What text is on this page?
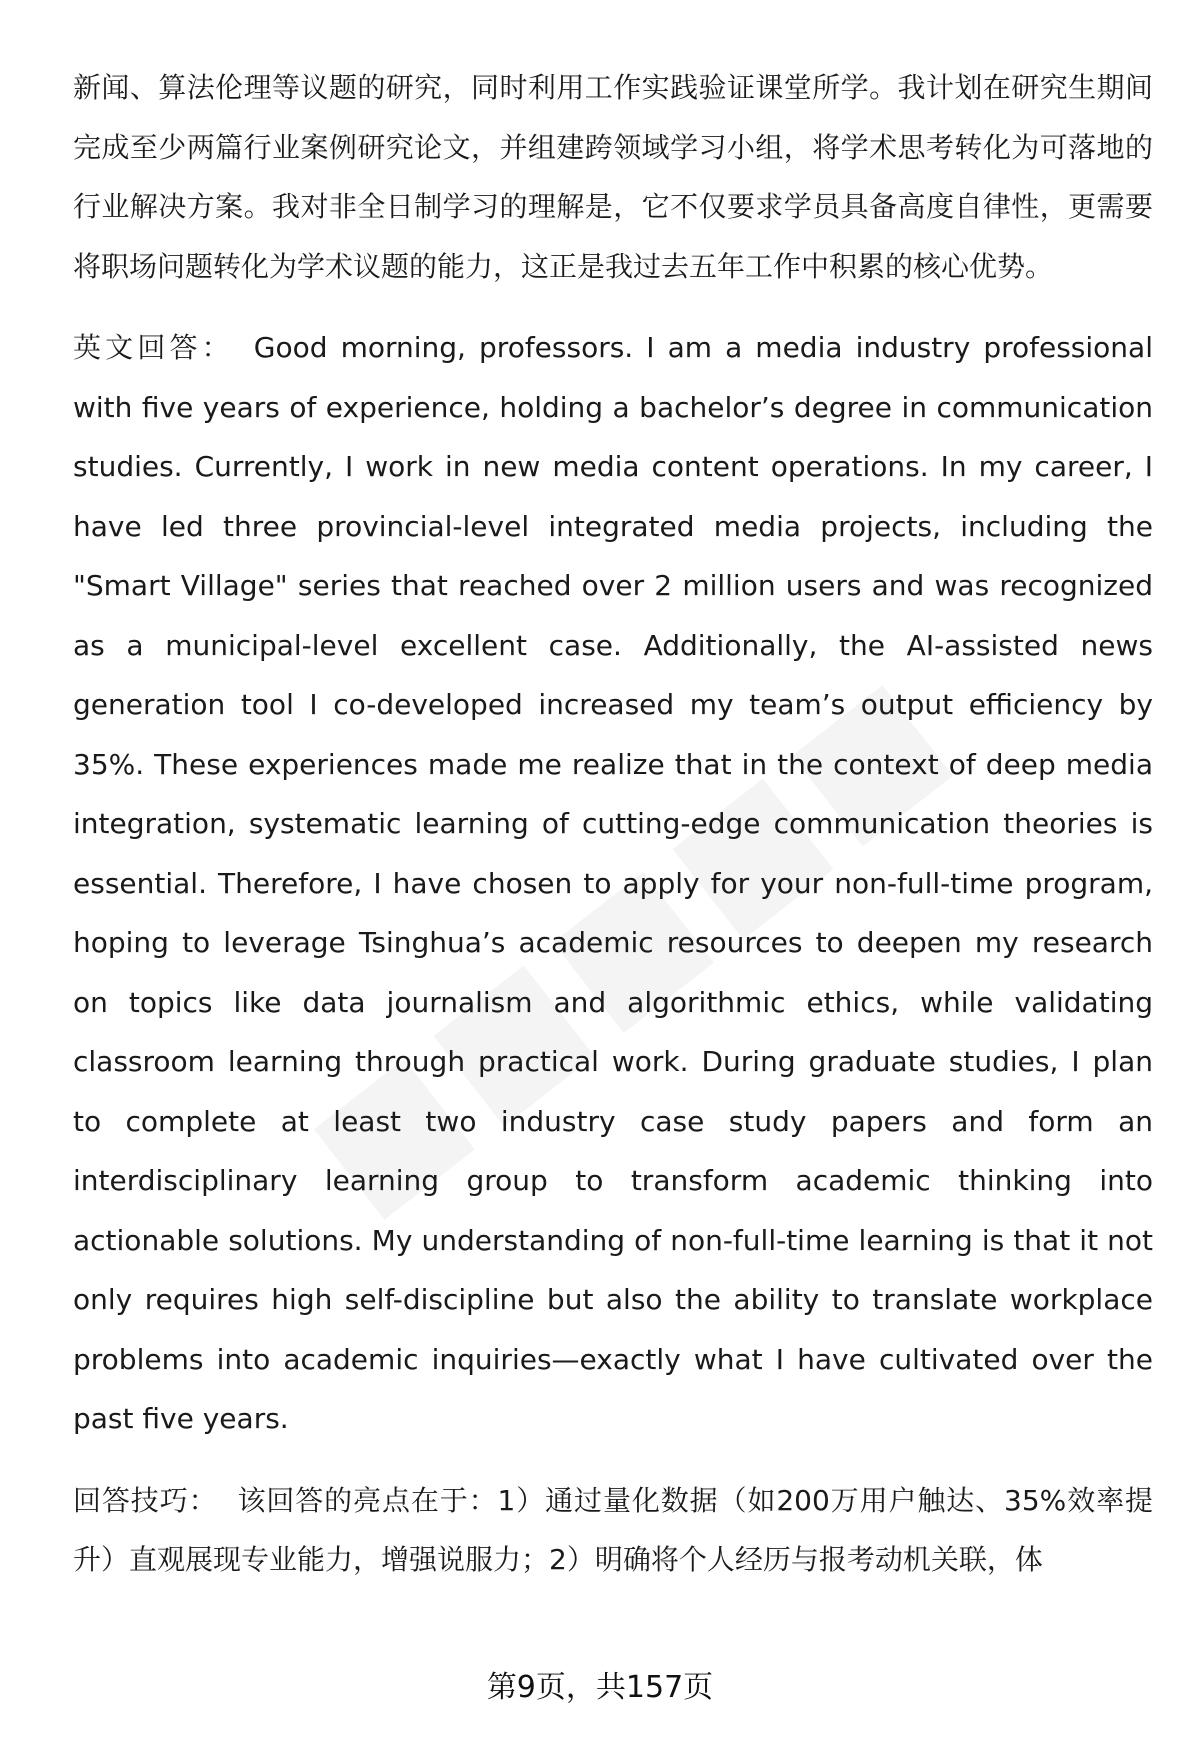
新闻、算法伦理等议题的研究，同时利用工作实践验证课堂所学。我计划在研究生期间完成至少两篇行业案例研究论文，并组建跨领域学习小组，将学术思考转化为可落地的行业解决方案。我对非全日制学习的理解是，它不仅要求学员具备高度自律性，更需要将职场问题转化为学术议题的能力，这正是我过去五年工作中积累的核心优势。

英文回答： Good morning, professors. I am a media industry professional with five years of experience, holding a bachelor’s degree in communication studies. Currently, I work in new media content operations. In my career, I have led three provincial-level integrated media projects, including the "Smart Village" series that reached over 2 million users and was recognized as a municipal-level excellent case. Additionally, the AI-assisted news generation tool I co-developed increased my team’s output efficiency by 35%. These experiences made me realize that in the context of deep media integration, systematic learning of cutting-edge communication theories is essential. Therefore, I have chosen to apply for your non-full-time program, hoping to leverage Tsinghua’s academic resources to deepen my research on topics like data journalism and algorithmic ethics, while validating classroom learning through practical work. During graduate studies, I plan to complete at least two industry case study papers and form an interdisciplinary learning group to transform academic thinking into actionable solutions. My understanding of non-full-time learning is that it not only requires high self-discipline but also the ability to translate workplace problems into academic inquiries—exactly what I have cultivated over the past five years.

回答技巧： 该回答的亮点在于：1）通过量化数据（如200万用户触达、35%效率提升）直观展现专业能力，增强说服力；2）明确将个人经历与报考动机关联，体

第9页，共157页
